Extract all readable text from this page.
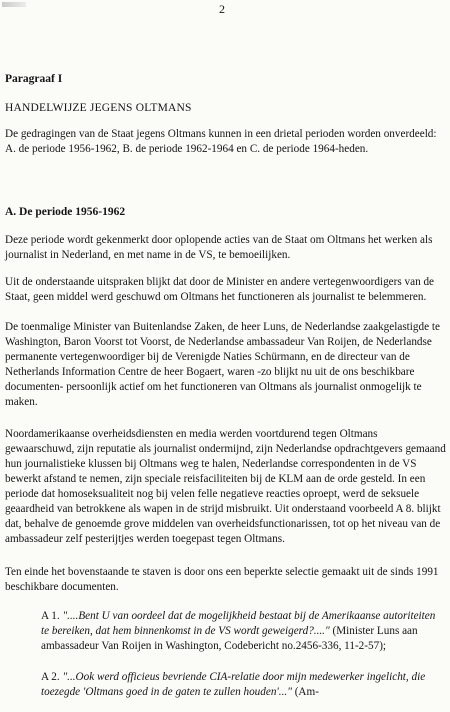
2
Paragraaf I
HANDELWIJZE JEGENS OLTMANS

De gedragingen van de Staat jegens Oltmans kunnen in een drietal perioden worden onverdeeld: A. de periode 1956-1962, B. de periode 1962-1964 en C. de periode 1964-heden.

A. De periode 1956-1962

Deze periode wordt gekenmerkt door oplopende acties van de Staat om Oltmans het werken als journalist in Nederland, en met name in de VS, te bemoeilijken.

Uit de onderstaande uitspraken blijkt dat door de Minister en andere vertegenwoordigers van de Staat, geen middel werd geschuwd om Oltmans het functioneren als journalist te belemmeren.

De toenmalige Minister van Buitenlandse Zaken, de heer Luns, de Nederlandse zaakgelastigde te Washington, Baron Voorst tot Voorst, de Nederlandse ambassadeur Van Roijen, de Nederlandse permanente vertegenwoordiger bij de Verenigde Naties Schürmann, en de directeur van de Netherlands Information Centre de heer Bogaert, waren -zo blijkt nu uit de ons beschikbare documenten- persoonlijk actief om het functioneren van Oltmans als journalist onmogelijk te maken.

Noordamerikaanse overheidsdiensten en media werden voortdurend tegen Oltmans gewaarschuwd, zijn reputatie als journalist ondermijnd, zijn Nederlandse opdrachtgevers gemaand hun journalistieke klussen bij Oltmans weg te halen, Nederlandse correspondenten in de VS bewerkt afstand te nemen, zijn speciale reisfaciliteiten bij de KLM aan de orde gesteld. In een periode dat homoseksualiteit nog bij velen felle negatieve reacties oproept, werd de seksuele geaardheid van betrokkene als wapen in de strijd misbruikt. Uit onderstaand voorbeeld A 8. blijkt dat, behalve de genoemde grove middelen van overheidsfunctionarissen, tot op het niveau van de ambassadeur zelf pesterijtjes werden toegepast tegen Oltmans.

Ten einde het bovenstaande te staven is door ons een beperkte selectie gemaakt uit de sinds 1991 beschikbare documenten.

A 1. "....Bent U van oordeel dat de mogelijkheid bestaat bij de Amerikaanse autoriteiten te bereiken, dat hem binnenkomst in de VS wordt geweigerd?...." (Minister Luns aan ambassadeur Van Roijen in Washington, Codebericht no.2456-336, 11-2-57);

A 2. "...Ook werd officieus bevriende CIA-relatie door mijn medewerker ingelicht, die toezegde 'Oltmans goed in de gaten te zullen houden'..." (Am-
